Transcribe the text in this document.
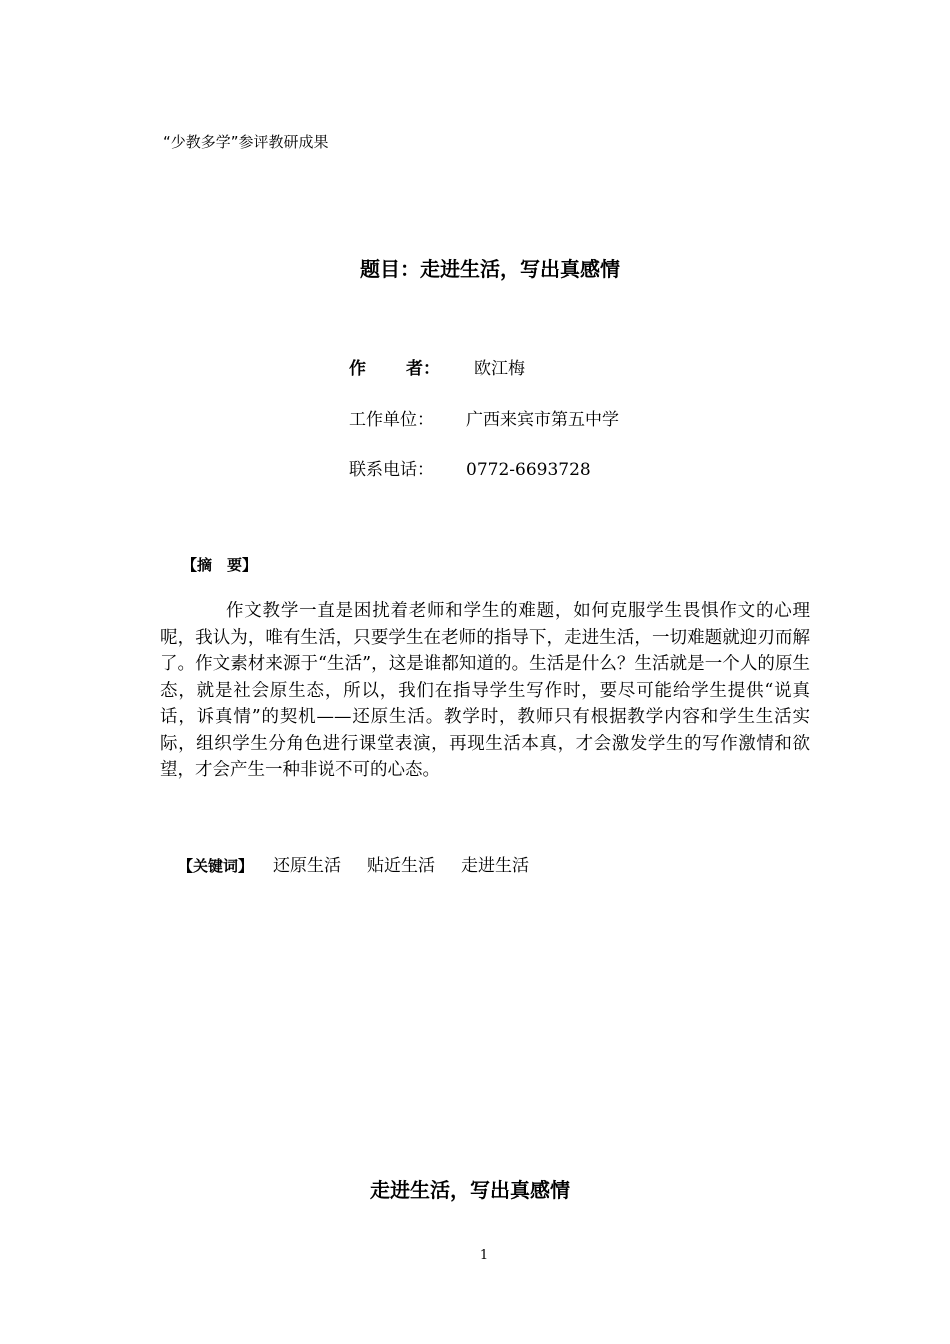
“少教多学”参评教研成果
题目：走进生活，写出真感情
作 者： 欧江梅
工作单位： 广西来宾市第五中学
联系电话： 0772-6693728
【摘　要】
作文教学一直是困扰着老师和学生的难题，如何克服学生畏惧作文的心理呢，我认为，唯有生活，只要学生在老师的指导下，走进生活，一切难题就迎刃而解了。作文素材来源于“生活”，这是谁都知道的。生活是什么？生活就是一个人的原生态，就是社会原生态，所以，我们在指导学生写作时，要尽可能给学生提供“说真话，诉真情”的契机——还原生活。教学时，教师只有根据教学内容和学生生活实际，组织学生分角色进行课堂表演，再现生活本真，才会激发学生的写作激情和欲望，才会产生一种非说不可的心态。
【关键词】 还原生活 贴近生活 走进生活
走进生活，写出真感情
1
